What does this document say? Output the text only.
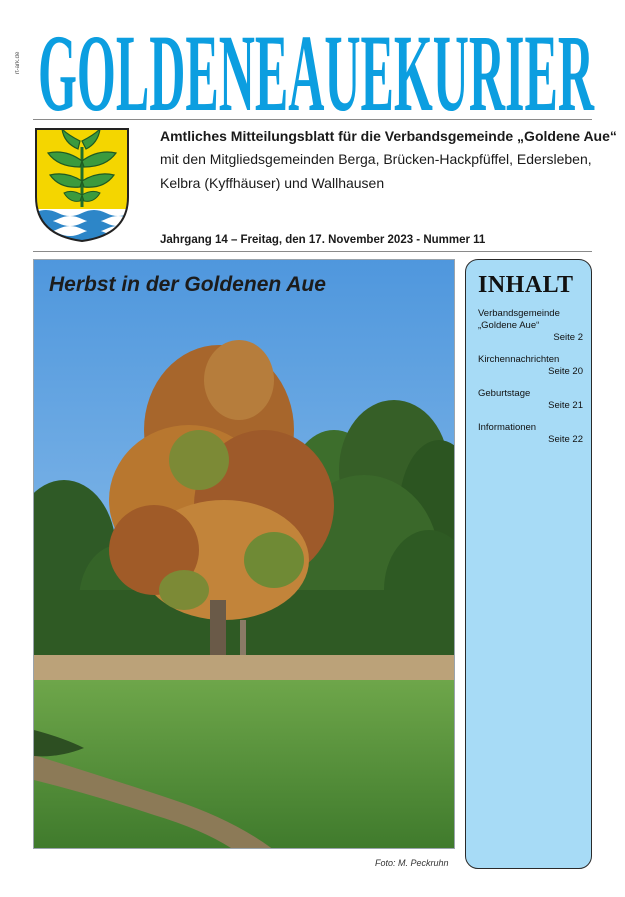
rt-ark.de GOLDENEAUEKURIER
Amtliches Mitteilungsblatt für die Verbandsgemeinde „Goldene Aue“
mit den Mitgliedsgemeinden Berga, Brücken-Hackpfüffel, Edersleben,
Kelbra (Kyffhäuser) und Wallhausen
Jahrgang 14 – Freitag, den 17. November 2023 - Nummer 11
Herbst in der Goldenen Aue
Foto: M. Peckruhn
INHALT
Verbandsgemeinde „Goldene Aue“
Seite 2
Kirchennachrichten
Seite 20
Geburtstage
Seite 21
Informationen
Seite 22
